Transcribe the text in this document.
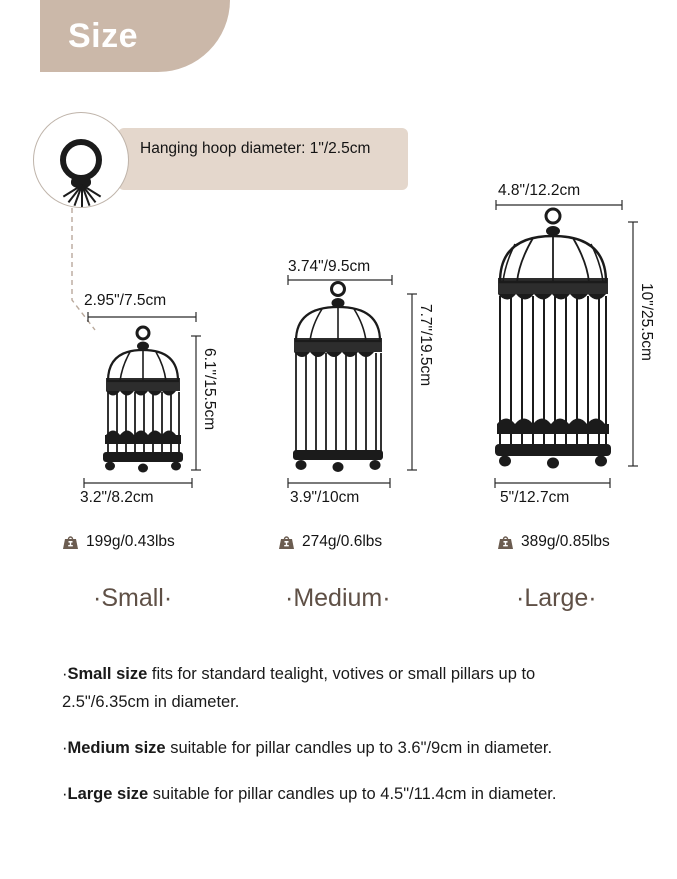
Size
Hanging hoop diameter: 1"/2.5cm
2.95"/7.5cm
6.1"/15.5cm
3.2"/8.2cm
199g/0.43lbs
·Small·
3.74"/9.5cm
7.7"/19.5cm
3.9"/10cm
274g/0.6lbs
·Medium·
4.8"/12.2cm
10"/25.5cm
5"/12.7cm
389g/0.85lbs
·Large·
·Small size fits for standard tealight, votives or small pillars up to 2.5"/6.35cm in diameter.
·Medium size suitable for pillar candles up to 3.6"/9cm in diameter.
·Large size suitable for pillar candles up to 4.5"/11.4cm in diameter.
